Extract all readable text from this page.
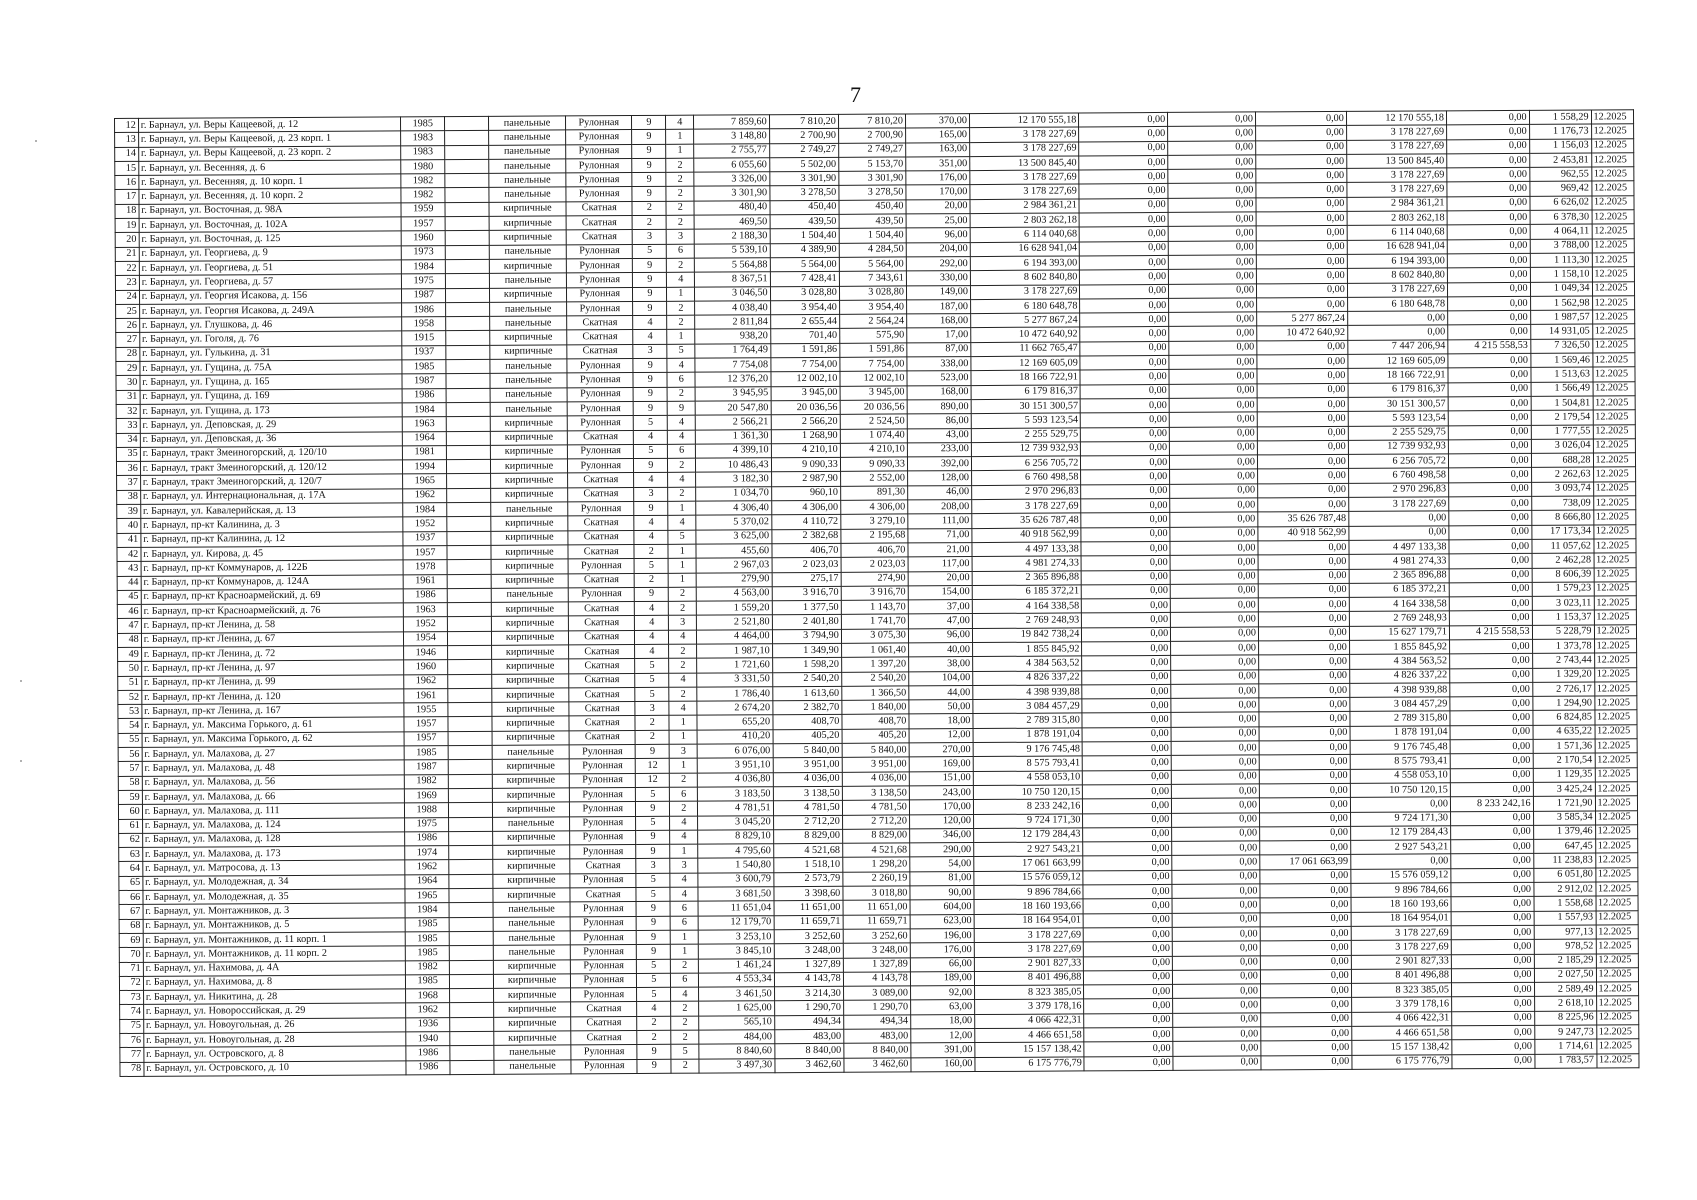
7
12	г. Барнаул, ул. Веры Кащеевой, д. 12	1985		панельные	Рулонная	9	4	7 859,60	7 810,20	7 810,20	370,00	12 170 555,18	0,00	0,00	0,00	12 170 555,18	0,00	1 558,29	12.2025
13	г. Барнаул, ул. Веры Кащеевой, д. 23 корп. 1	1983		панельные	Рулонная	9	1	3 148,80	2 700,90	2 700,90	165,00	3 178 227,69	0,00	0,00	0,00	3 178 227,69	0,00	1 176,73	12.2025
14	г. Барнаул, ул. Веры Кащеевой, д. 23 корп. 2	1983		панельные	Рулонная	9	1	2 755,77	2 749,27	2 749,27	163,00	3 178 227,69	0,00	0,00	0,00	3 178 227,69	0,00	1 156,03	12.2025
15	г. Барнаул, ул. Весенняя, д. 6	1980		панельные	Рулонная	9	2	6 055,60	5 502,00	5 153,70	351,00	13 500 845,40	0,00	0,00	0,00	13 500 845,40	0,00	2 453,81	12.2025
16	г. Барнаул, ул. Весенняя, д. 10 корп. 1	1982		панельные	Рулонная	9	2	3 326,00	3 301,90	3 301,90	176,00	3 178 227,69	0,00	0,00	0,00	3 178 227,69	0,00	962,55	12.2025
17	г. Барнаул, ул. Весенняя, д. 10 корп. 2	1982		панельные	Рулонная	9	2	3 301,90	3 278,50	3 278,50	170,00	3 178 227,69	0,00	0,00	0,00	3 178 227,69	0,00	969,42	12.2025
18	г. Барнаул, ул. Восточная, д. 98А	1959		кирпичные	Скатная	2	2	480,40	450,40	450,40	20,00	2 984 361,21	0,00	0,00	0,00	2 984 361,21	0,00	6 626,02	12.2025
19	г. Барнаул, ул. Восточная, д. 102А	1957		кирпичные	Скатная	2	2	469,50	439,50	439,50	25,00	2 803 262,18	0,00	0,00	0,00	2 803 262,18	0,00	6 378,30	12.2025
20	г. Барнаул, ул. Восточная, д. 125	1960		кирпичные	Скатная	3	3	2 188,30	1 504,40	1 504,40	96,00	6 114 040,68	0,00	0,00	0,00	6 114 040,68	0,00	4 064,11	12.2025
21	г. Барнаул, ул. Георгиева, д. 9	1973		панельные	Рулонная	5	6	5 539,10	4 389,90	4 284,50	204,00	16 628 941,04	0,00	0,00	0,00	16 628 941,04	0,00	3 788,00	12.2025
22	г. Барнаул, ул. Георгиева, д. 51	1984		кирпичные	Рулонная	9	2	5 564,88	5 564,00	5 564,00	292,00	6 194 393,00	0,00	0,00	0,00	6 194 393,00	0,00	1 113,30	12.2025
23	г. Барнаул, ул. Георгиева, д. 57	1975		панельные	Рулонная	9	4	8 367,51	7 428,41	7 343,61	330,00	8 602 840,80	0,00	0,00	0,00	8 602 840,80	0,00	1 158,10	12.2025
24	г. Барнаул, ул. Георгия Исакова, д. 156	1987		кирпичные	Рулонная	9	1	3 046,50	3 028,80	3 028,80	149,00	3 178 227,69	0,00	0,00	0,00	3 178 227,69	0,00	1 049,34	12.2025
25	г. Барнаул, ул. Георгия Исакова, д. 249А	1986		панельные	Рулонная	9	2	4 038,40	3 954,40	3 954,40	187,00	6 180 648,78	0,00	0,00	0,00	6 180 648,78	0,00	1 562,98	12.2025
26	г. Барнаул, ул. Глушкова, д. 46	1958		панельные	Скатная	4	2	2 811,84	2 655,44	2 564,24	168,00	5 277 867,24	0,00	0,00	5 277 867,24	0,00	0,00	1 987,57	12.2025
27	г. Барнаул, ул. Гоголя, д. 76	1915		кирпичные	Скатная	4	1	938,20	701,40	575,90	17,00	10 472 640,92	0,00	0,00	10 472 640,92	0,00	0,00	14 931,05	12.2025
28	г. Барнаул, ул. Гулькина, д. 31	1937		кирпичные	Скатная	3	5	1 764,49	1 591,86	1 591,86	87,00	11 662 765,47	0,00	0,00	0,00	7 447 206,94	4 215 558,53	7 326,50	12.2025
29	г. Барнаул, ул. Гущина, д. 75А	1985		панельные	Рулонная	9	4	7 754,08	7 754,00	7 754,00	338,00	12 169 605,09	0,00	0,00	0,00	12 169 605,09	0,00	1 569,46	12.2025
30	г. Барнаул, ул. Гущина, д. 165	1987		панельные	Рулонная	9	6	12 376,20	12 002,10	12 002,10	523,00	18 166 722,91	0,00	0,00	0,00	18 166 722,91	0,00	1 513,63	12.2025
31	г. Барнаул, ул. Гущина, д. 169	1986		панельные	Рулонная	9	2	3 945,95	3 945,00	3 945,00	168,00	6 179 816,37	0,00	0,00	0,00	6 179 816,37	0,00	1 566,49	12.2025
32	г. Барнаул, ул. Гущина, д. 173	1984		панельные	Рулонная	9	9	20 547,80	20 036,56	20 036,56	890,00	30 151 300,57	0,00	0,00	0,00	30 151 300,57	0,00	1 504,81	12.2025
33	г. Барнаул, ул. Деповская, д. 29	1963		кирпичные	Рулонная	5	4	2 566,21	2 566,20	2 524,50	86,00	5 593 123,54	0,00	0,00	0,00	5 593 123,54	0,00	2 179,54	12.2025
34	г. Барнаул, ул. Деповская, д. 36	1964		кирпичные	Скатная	4	4	1 361,30	1 268,90	1 074,40	43,00	2 255 529,75	0,00	0,00	0,00	2 255 529,75	0,00	1 777,55	12.2025
35	г. Барнаул, тракт Змеиногорский, д. 120/10	1981		кирпичные	Рулонная	5	6	4 399,10	4 210,10	4 210,10	233,00	12 739 932,93	0,00	0,00	0,00	12 739 932,93	0,00	3 026,04	12.2025
36	г. Барнаул, тракт Змеиногорский, д. 120/12	1994		кирпичные	Рулонная	9	2	10 486,43	9 090,33	9 090,33	392,00	6 256 705,72	0,00	0,00	0,00	6 256 705,72	0,00	688,28	12.2025
37	г. Барнаул, тракт Змеиногорский, д. 120/7	1965		кирпичные	Скатная	4	4	3 182,30	2 987,90	2 552,00	128,00	6 760 498,58	0,00	0,00	0,00	6 760 498,58	0,00	2 262,63	12.2025
38	г. Барнаул, ул. Интернациональная, д. 17А	1962		кирпичные	Скатная	3	2	1 034,70	960,10	891,30	46,00	2 970 296,83	0,00	0,00	0,00	2 970 296,83	0,00	3 093,74	12.2025
39	г. Барнаул, ул. Кавалерийская, д. 13	1984		панельные	Рулонная	9	1	4 306,40	4 306,00	4 306,00	208,00	3 178 227,69	0,00	0,00	0,00	3 178 227,69	0,00	738,09	12.2025
40	г. Барнаул, пр-кт Калинина, д. 3	1952		кирпичные	Скатная	4	4	5 370,02	4 110,72	3 279,10	111,00	35 626 787,48	0,00	0,00	35 626 787,48	0,00	0,00	8 666,80	12.2025
41	г. Барнаул, пр-кт Калинина, д. 12	1937		кирпичные	Скатная	4	5	3 625,00	2 382,68	2 195,68	71,00	40 918 562,99	0,00	0,00	40 918 562,99	0,00	0,00	17 173,34	12.2025
42	г. Барнаул, ул. Кирова, д. 45	1957		кирпичные	Скатная	2	1	455,60	406,70	406,70	21,00	4 497 133,38	0,00	0,00	0,00	4 497 133,38	0,00	11 057,62	12.2025
43	г. Барнаул, пр-кт Коммунаров, д. 122Б	1978		кирпичные	Рулонная	5	1	2 967,03	2 023,03	2 023,03	117,00	4 981 274,33	0,00	0,00	0,00	4 981 274,33	0,00	2 462,28	12.2025
44	г. Барнаул, пр-кт Коммунаров, д. 124А	1961		кирпичные	Скатная	2	1	279,90	275,17	274,90	20,00	2 365 896,88	0,00	0,00	0,00	2 365 896,88	0,00	8 606,39	12.2025
45	г. Барнаул, пр-кт Красноармейский, д. 69	1986		панельные	Рулонная	9	2	4 563,00	3 916,70	3 916,70	154,00	6 185 372,21	0,00	0,00	0,00	6 185 372,21	0,00	1 579,23	12.2025
46	г. Барнаул, пр-кт Красноармейский, д. 76	1963		кирпичные	Скатная	4	2	1 559,20	1 377,50	1 143,70	37,00	4 164 338,58	0,00	0,00	0,00	4 164 338,58	0,00	3 023,11	12.2025
47	г. Барнаул, пр-кт Ленина, д. 58	1952		кирпичные	Скатная	4	3	2 521,80	2 401,80	1 741,70	47,00	2 769 248,93	0,00	0,00	0,00	2 769 248,93	0,00	1 153,37	12.2025
48	г. Барнаул, пр-кт Ленина, д. 67	1954		кирпичные	Скатная	4	4	4 464,00	3 794,90	3 075,30	96,00	19 842 738,24	0,00	0,00	0,00	15 627 179,71	4 215 558,53	5 228,79	12.2025
49	г. Барнаул, пр-кт Ленина, д. 72	1946		кирпичные	Скатная	4	2	1 987,10	1 349,90	1 061,40	40,00	1 855 845,92	0,00	0,00	0,00	1 855 845,92	0,00	1 373,78	12.2025
50	г. Барнаул, пр-кт Ленина, д. 97	1960		кирпичные	Скатная	5	2	1 721,60	1 598,20	1 397,20	38,00	4 384 563,52	0,00	0,00	0,00	4 384 563,52	0,00	2 743,44	12.2025
51	г. Барнаул, пр-кт Ленина, д. 99	1962		кирпичные	Скатная	5	4	3 331,50	2 540,20	2 540,20	104,00	4 826 337,22	0,00	0,00	0,00	4 826 337,22	0,00	1 329,20	12.2025
52	г. Барнаул, пр-кт Ленина, д. 120	1961		кирпичные	Скатная	5	2	1 786,40	1 613,60	1 366,50	44,00	4 398 939,88	0,00	0,00	0,00	4 398 939,88	0,00	2 726,17	12.2025
53	г. Барнаул, пр-кт Ленина, д. 167	1955		кирпичные	Скатная	3	4	2 674,20	2 382,70	1 840,00	50,00	3 084 457,29	0,00	0,00	0,00	3 084 457,29	0,00	1 294,90	12.2025
54	г. Барнаул, ул. Максима Горького, д. 61	1957		кирпичные	Скатная	2	1	655,20	408,70	408,70	18,00	2 789 315,80	0,00	0,00	0,00	2 789 315,80	0,00	6 824,85	12.2025
55	г. Барнаул, ул. Максима Горького, д. 62	1957		кирпичные	Скатная	2	1	410,20	405,20	405,20	12,00	1 878 191,04	0,00	0,00	0,00	1 878 191,04	0,00	4 635,22	12.2025
56	г. Барнаул, ул. Малахова, д. 27	1985		панельные	Рулонная	9	3	6 076,00	5 840,00	5 840,00	270,00	9 176 745,48	0,00	0,00	0,00	9 176 745,48	0,00	1 571,36	12.2025
57	г. Барнаул, ул. Малахова, д. 48	1987		кирпичные	Рулонная	12	1	3 951,10	3 951,00	3 951,00	169,00	8 575 793,41	0,00	0,00	0,00	8 575 793,41	0,00	2 170,54	12.2025
58	г. Барнаул, ул. Малахова, д. 56	1982		кирпичные	Рулонная	12	2	4 036,80	4 036,00	4 036,00	151,00	4 558 053,10	0,00	0,00	0,00	4 558 053,10	0,00	1 129,35	12.2025
59	г. Барнаул, ул. Малахова, д. 66	1969		кирпичные	Рулонная	5	6	3 183,50	3 138,50	3 138,50	243,00	10 750 120,15	0,00	0,00	0,00	10 750 120,15	0,00	3 425,24	12.2025
60	г. Барнаул, ул. Малахова, д. 111	1988		кирпичные	Рулонная	9	2	4 781,51	4 781,50	4 781,50	170,00	8 233 242,16	0,00	0,00	0,00	0,00	8 233 242,16	1 721,90	12.2025
61	г. Барнаул, ул. Малахова, д. 124	1975		панельные	Рулонная	5	4	3 045,20	2 712,20	2 712,20	120,00	9 724 171,30	0,00	0,00	0,00	9 724 171,30	0,00	3 585,34	12.2025
62	г. Барнаул, ул. Малахова, д. 128	1986		кирпичные	Рулонная	9	4	8 829,10	8 829,00	8 829,00	346,00	12 179 284,43	0,00	0,00	0,00	12 179 284,43	0,00	1 379,46	12.2025
63	г. Барнаул, ул. Малахова, д. 173	1974		кирпичные	Рулонная	9	1	4 795,60	4 521,68	4 521,68	290,00	2 927 543,21	0,00	0,00	0,00	2 927 543,21	0,00	647,45	12.2025
64	г. Барнаул, ул. Матросова, д. 13	1962		кирпичные	Скатная	3	3	1 540,80	1 518,10	1 298,20	54,00	17 061 663,99	0,00	0,00	17 061 663,99	0,00	0,00	11 238,83	12.2025
65	г. Барнаул, ул. Молодежная, д. 34	1964		кирпичные	Рулонная	5	4	3 600,79	2 573,79	2 260,19	81,00	15 576 059,12	0,00	0,00	0,00	15 576 059,12	0,00	6 051,80	12.2025
66	г. Барнаул, ул. Молодежная, д. 35	1965		кирпичные	Скатная	5	4	3 681,50	3 398,60	3 018,80	90,00	9 896 784,66	0,00	0,00	0,00	9 896 784,66	0,00	2 912,02	12.2025
67	г. Барнаул, ул. Монтажников, д. 3	1984		панельные	Рулонная	9	6	11 651,04	11 651,00	11 651,00	604,00	18 160 193,66	0,00	0,00	0,00	18 160 193,66	0,00	1 558,68	12.2025
68	г. Барнаул, ул. Монтажников, д. 5	1985		панельные	Рулонная	9	6	12 179,70	11 659,71	11 659,71	623,00	18 164 954,01	0,00	0,00	0,00	18 164 954,01	0,00	1 557,93	12.2025
69	г. Барнаул, ул. Монтажников, д. 11 корп. 1	1985		панельные	Рулонная	9	1	3 253,10	3 252,60	3 252,60	196,00	3 178 227,69	0,00	0,00	0,00	3 178 227,69	0,00	977,13	12.2025
70	г. Барнаул, ул. Монтажников, д. 11 корп. 2	1985		панельные	Рулонная	9	1	3 845,10	3 248,00	3 248,00	176,00	3 178 227,69	0,00	0,00	0,00	3 178 227,69	0,00	978,52	12.2025
71	г. Барнаул, ул. Нахимова, д. 4А	1982		кирпичные	Рулонная	5	2	1 461,24	1 327,89	1 327,89	66,00	2 901 827,33	0,00	0,00	0,00	2 901 827,33	0,00	2 185,29	12.2025
72	г. Барнаул, ул. Нахимова, д. 8	1985		кирпичные	Рулонная	5	6	4 553,34	4 143,78	4 143,78	189,00	8 401 496,88	0,00	0,00	0,00	8 401 496,88	0,00	2 027,50	12.2025
73	г. Барнаул, ул. Никитина, д. 28	1968		кирпичные	Рулонная	5	4	3 461,50	3 214,30	3 089,00	92,00	8 323 385,05	0,00	0,00	0,00	8 323 385,05	0,00	2 589,49	12.2025
74	г. Барнаул, ул. Новороссийская, д. 29	1962		кирпичные	Скатная	4	2	1 625,00	1 290,70	1 290,70	63,00	3 379 178,16	0,00	0,00	0,00	3 379 178,16	0,00	2 618,10	12.2025
75	г. Барнаул, ул. Новоугольная, д. 26	1936		кирпичные	Скатная	2	2	565,10	494,34	494,34	18,00	4 066 422,31	0,00	0,00	0,00	4 066 422,31	0,00	8 225,96	12.2025
76	г. Барнаул, ул. Новоугольная, д. 28	1940		кирпичные	Скатная	2	2	484,00	483,00	483,00	12,00	4 466 651,58	0,00	0,00	0,00	4 466 651,58	0,00	9 247,73	12.2025
77	г. Барнаул, ул. Островского, д. 8	1986		панельные	Рулонная	9	5	8 840,60	8 840,00	8 840,00	391,00	15 157 138,42	0,00	0,00	0,00	15 157 138,42	0,00	1 714,61	12.2025
78	г. Барнаул, ул. Островского, д. 10	1986		панельные	Рулонная	9	2	3 497,30	3 462,60	3 462,60	160,00	6 175 776,79	0,00	0,00	0,00	6 175 776,79	0,00	1 783,57	12.2025
